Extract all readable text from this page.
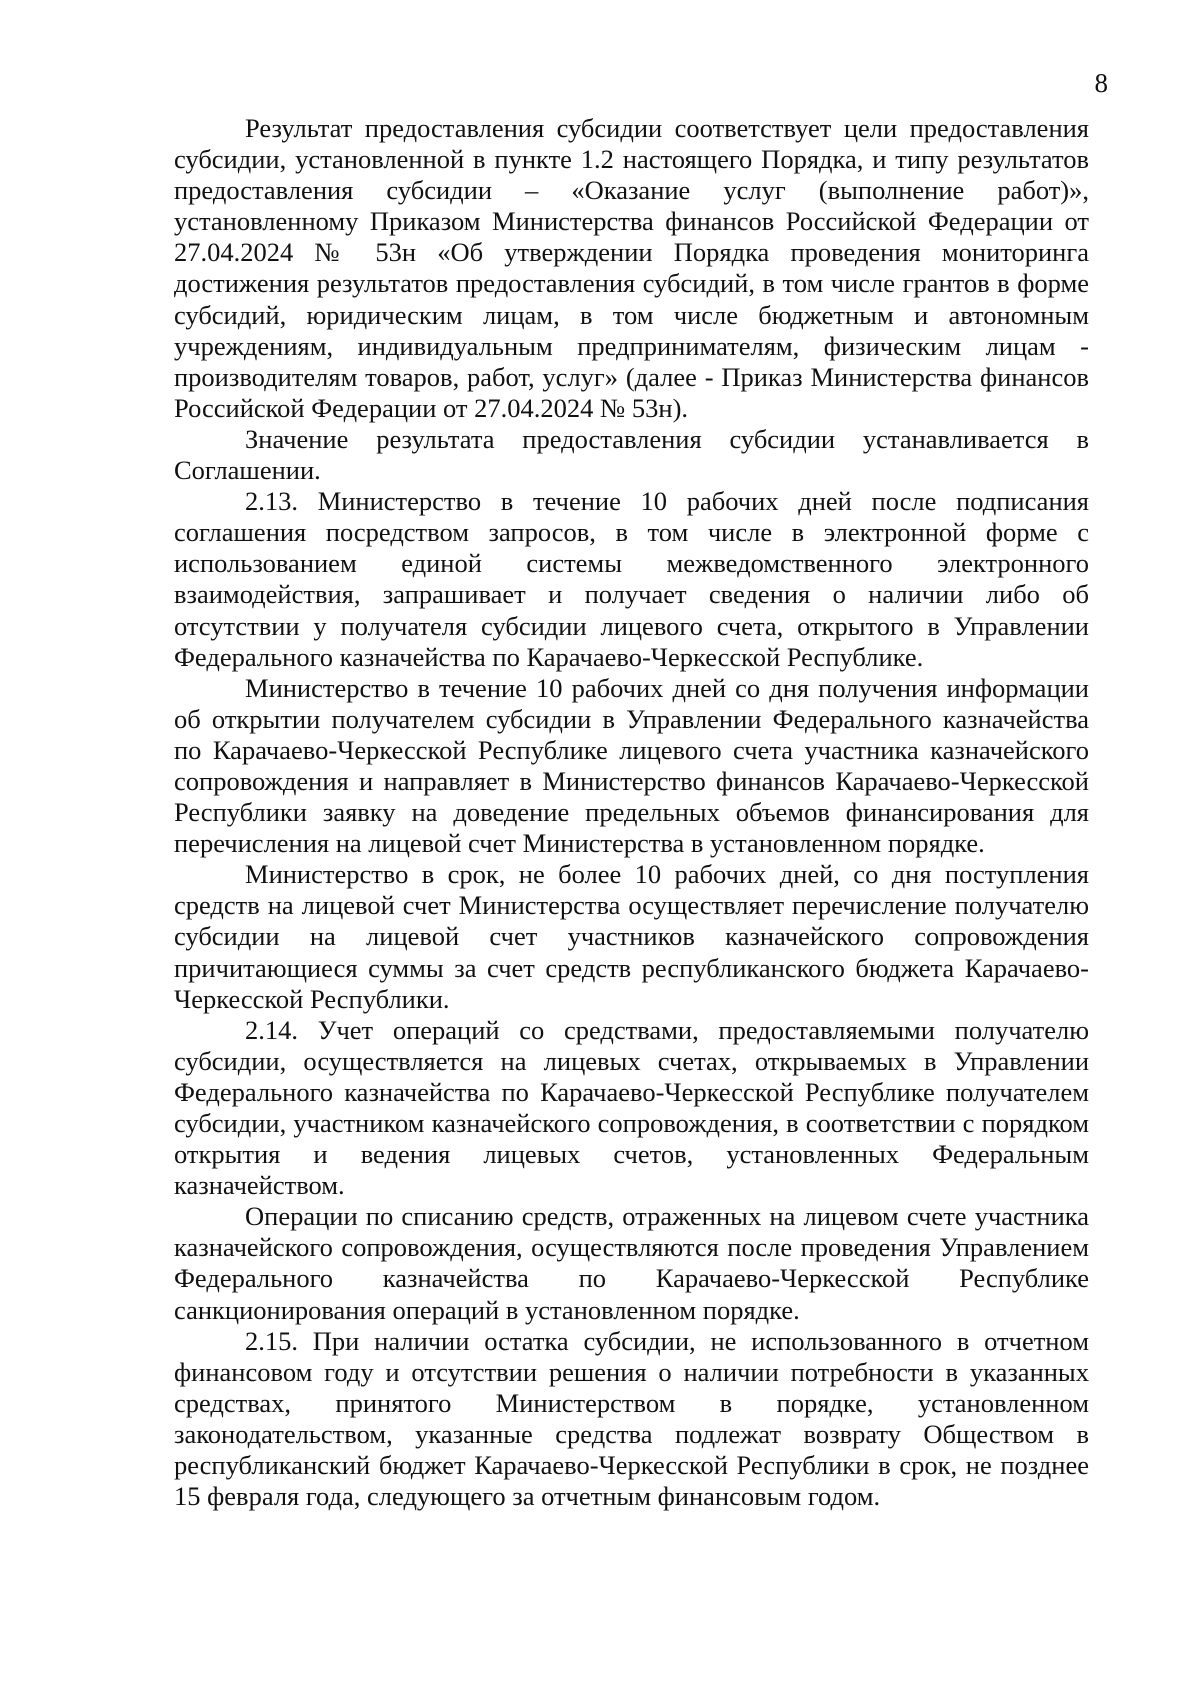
8

Результат предоставления субсидии соответствует цели предоставления субсидии, установленной в пункте 1.2 настоящего Порядка, и типу результатов предоставления субсидии – «Оказание услуг (выполнение работ)», установленному Приказом Министерства финансов Российской Федерации от 27.04.2024 № 53н «Об утверждении Порядка проведения мониторинга достижения результатов предоставления субсидий, в том числе грантов в форме субсидий, юридическим лицам, в том числе бюджетным и автономным учреждениям, индивидуальным предпринимателям, физическим лицам - производителям товаров, работ, услуг» (далее - Приказ Министерства финансов Российской Федерации от 27.04.2024 № 53н).

Значение результата предоставления субсидии устанавливается в Соглашении.

2.13. Министерство в течение 10 рабочих дней после подписания соглашения посредством запросов, в том числе в электронной форме с использованием единой системы межведомственного электронного взаимодействия, запрашивает и получает сведения о наличии либо об отсутствии у получателя субсидии лицевого счета, открытого в Управлении Федерального казначейства по Карачаево-Черкесской Республике.

Министерство в течение 10 рабочих дней со дня получения информации об открытии получателем субсидии в Управлении Федерального казначейства по Карачаево-Черкесской Республике лицевого счета участника казначейского сопровождения и направляет в Министерство финансов Карачаево-Черкесской Республики заявку на доведение предельных объемов финансирования для перечисления на лицевой счет Министерства в установленном порядке.

Министерство в срок, не более 10 рабочих дней, со дня поступления средств на лицевой счет Министерства осуществляет перечисление получателю субсидии на лицевой счет участников казначейского сопровождения причитающиеся суммы за счет средств республиканского бюджета Карачаево-Черкесской Республики.

2.14. Учет операций со средствами, предоставляемыми получателю субсидии, осуществляется на лицевых счетах, открываемых в Управлении Федерального казначейства по Карачаево-Черкесской Республике получателем субсидии, участником казначейского сопровождения, в соответствии с порядком открытия и ведения лицевых счетов, установленных Федеральным казначейством.

Операции по списанию средств, отраженных на лицевом счете участника казначейского сопровождения, осуществляются после проведения Управлением Федерального казначейства по Карачаево-Черкесской Республике санкционирования операций в установленном порядке.

2.15. При наличии остатка субсидии, не использованного в отчетном финансовом году и отсутствии решения о наличии потребности в указанных средствах, принятого Министерством в порядке, установленном законодательством, указанные средства подлежат возврату Обществом в республиканский бюджет Карачаево-Черкесской Республики в срок, не позднее 15 февраля года, следующего за отчетным финансовым годом.
